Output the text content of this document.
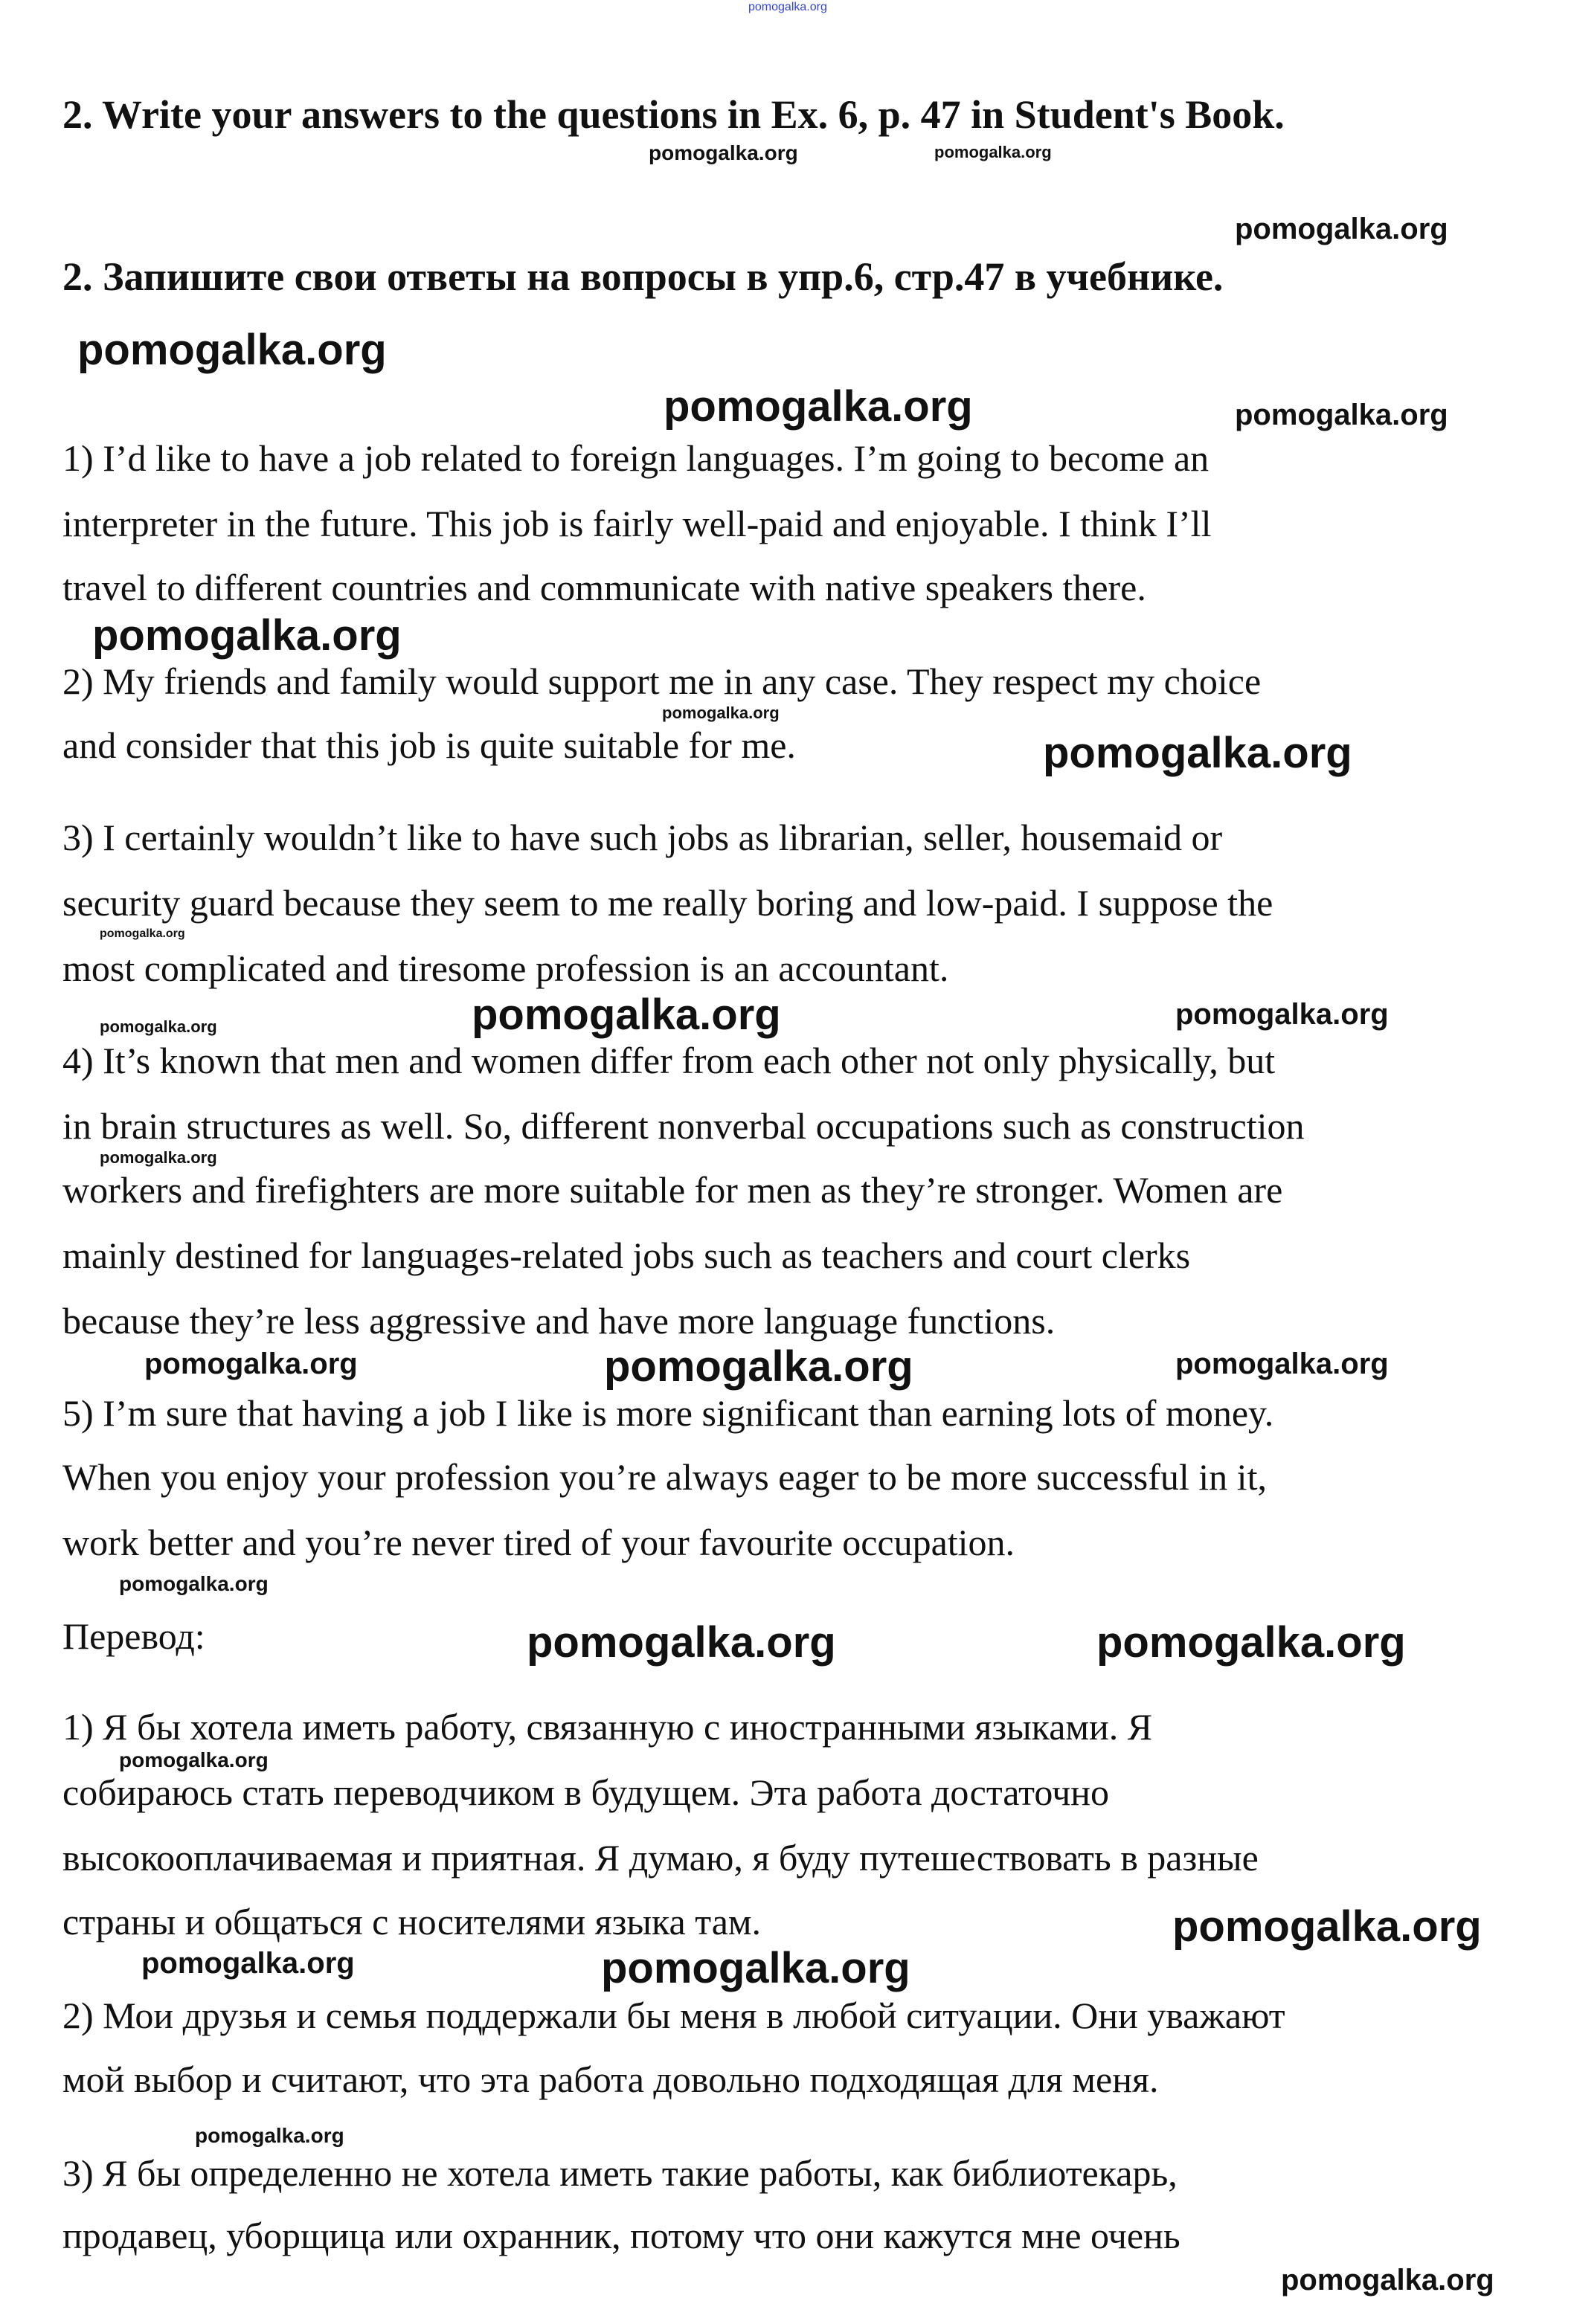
2. Write your answers to the questions in Ex. 6, p. 47 in Student's Book.
2. Запишите свои ответы на вопросы в упр.6, стр.47 в учебнике.
1) I’d like to have a job related to foreign languages. I’m going to become an
interpreter in the future. This job is fairly well-paid and enjoyable. I think I’ll
travel to different countries and communicate with native speakers there.
2) My friends and family would support me in any case. They respect my choice
and consider that this job is quite suitable for me.
3) I certainly wouldn’t like to have such jobs as librarian, seller, housemaid or
security guard because they seem to me really boring and low-paid. I suppose the
most complicated and tiresome profession is an accountant.
4) It’s known that men and women differ from each other not only physically, but
in brain structures as well. So, different nonverbal occupations such as construction
workers and firefighters are more suitable for men as they’re stronger. Women are
mainly destined for languages-related jobs such as teachers and court clerks
because they’re less aggressive and have more language functions.
5) I’m sure that having a job I like is more significant than earning lots of money.
When you enjoy your profession you’re always eager to be more successful in it,
work better and you’re never tired of your favourite occupation.
Перевод:
1) Я бы хотела иметь работу, связанную с иностранными языками. Я
собираюсь стать переводчиком в будущем. Эта работа достаточно
высокооплачиваемая и приятная. Я думаю, я буду путешествовать в разные
страны и общаться с носителями языка там.
2) Мои друзья и семья поддержали бы меня в любой ситуации. Они уважают
мой выбор и считают, что эта работа довольно подходящая для меня.
3) Я бы определенно не хотела иметь такие работы, как библиотекарь,
продавец, уборщица или охранник, потому что они кажутся мне очень
pomogalka.org
pomogalka.org	pomogalka.org
pomogalka.org
pomogalka.org
pomogalka.org	pomogalka.org
pomogalka.org
pomogalka.org
pomogalka.org
pomogalka.org
pomogalka.org	pomogalka.org
pomogalka.org
pomogalka.org
pomogalka.org	pomogalka.org	pomogalka.org
pomogalka.org
pomogalka.org	pomogalka.org
pomogalka.org
pomogalka.org	pomogalka.org
pomogalka.org
pomogalka.org
pomogalka.org
